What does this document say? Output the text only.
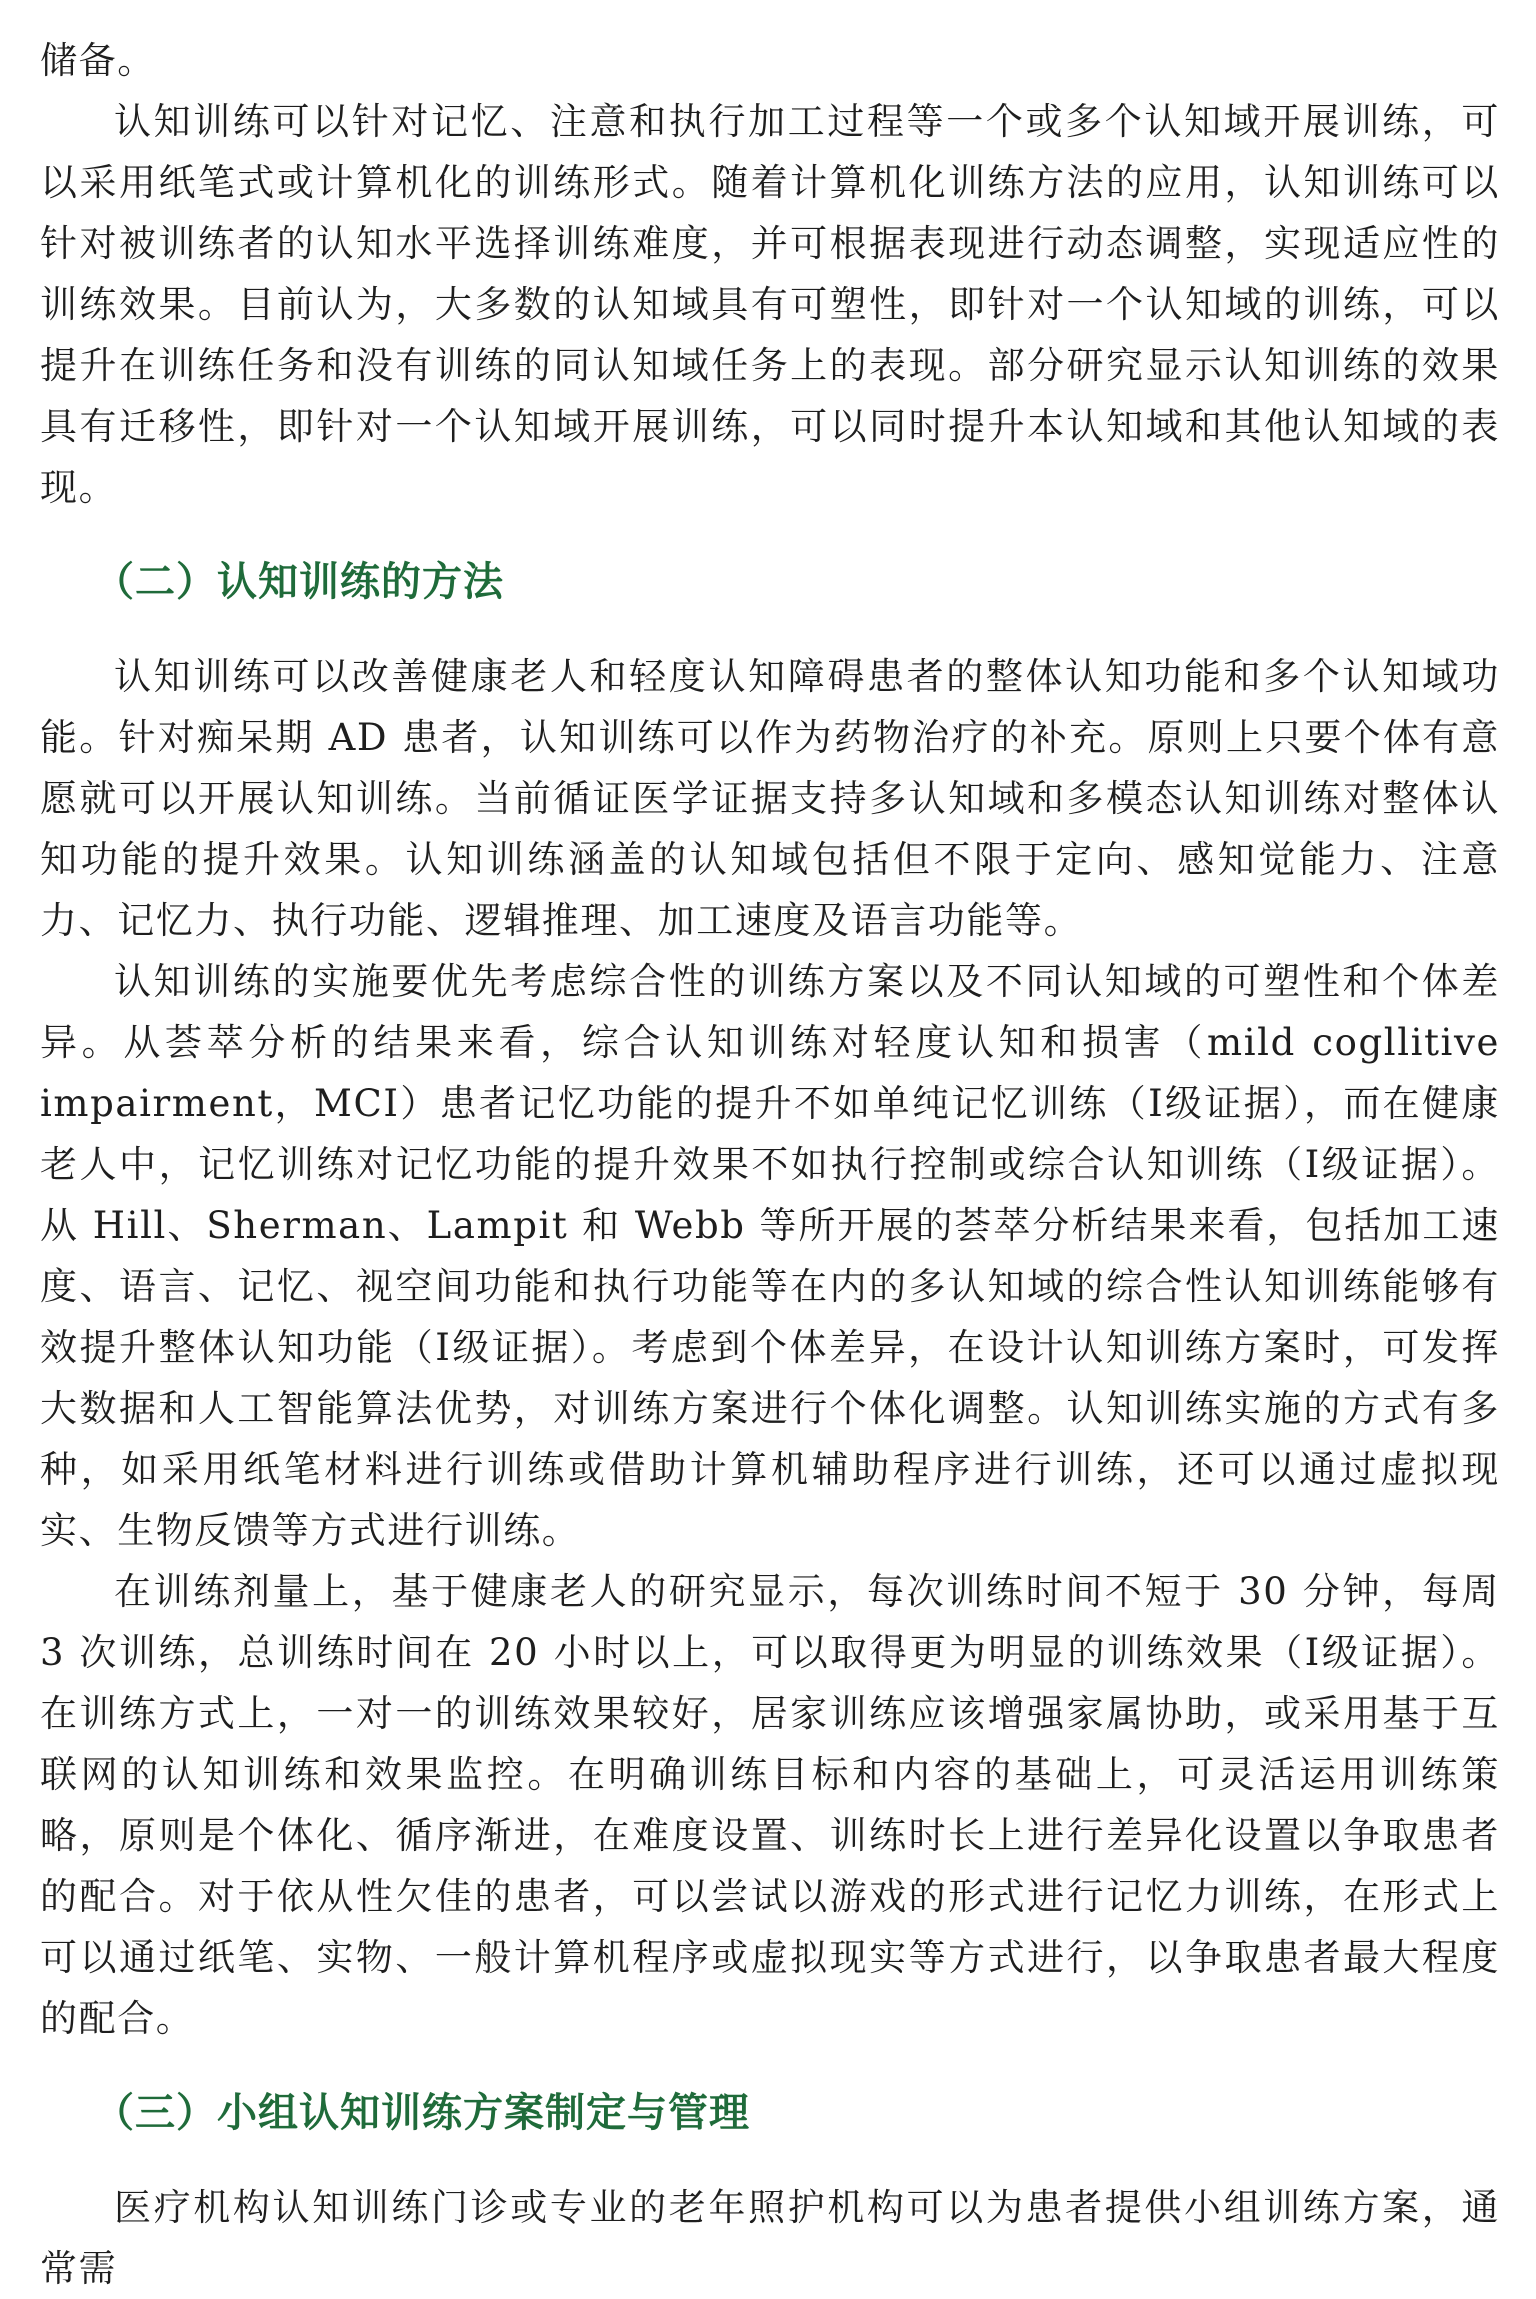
储备。

认知训练可以针对记忆、注意和执行加工过程等一个或多个认知域开展训练，可以采用纸笔式或计算机化的训练形式。随着计算机化训练方法的应用，认知训练可以针对被训练者的认知水平选择训练难度，并可根据表现进行动态调整，实现适应性的训练效果。目前认为，大多数的认知域具有可塑性，即针对一个认知域的训练，可以提升在训练任务和没有训练的同认知域任务上的表现。部分研究显示认知训练的效果具有迁移性，即针对一个认知域开展训练，可以同时提升本认知域和其他认知域的表现。

（二）认知训练的方法

认知训练可以改善健康老人和轻度认知障碍患者的整体认知功能和多个认知域功能。针对痴呆期 AD 患者，认知训练可以作为药物治疗的补充。原则上只要个体有意愿就可以开展认知训练。当前循证医学证据支持多认知域和多模态认知训练对整体认知功能的提升效果。认知训练涵盖的认知域包括但不限于定向、感知觉能力、注意力、记忆力、执行功能、逻辑推理、加工速度及语言功能等。

认知训练的实施要优先考虑综合性的训练方案以及不同认知域的可塑性和个体差异。从荟萃分析的结果来看，综合认知训练对轻度认知和损害（mild cogllitive impairment，MCI）患者记忆功能的提升不如单纯记忆训练（Ⅰ级证据），而在健康老人中，记忆训练对记忆功能的提升效果不如执行控制或综合认知训练（Ⅰ级证据）。从 Hill、Sherman、Lampit 和 Webb 等所开展的荟萃分析结果来看，包括加工速度、语言、记忆、视空间功能和执行功能等在内的多认知域的综合性认知训练能够有效提升整体认知功能（Ⅰ级证据）。考虑到个体差异，在设计认知训练方案时，可发挥大数据和人工智能算法优势，对训练方案进行个体化调整。认知训练实施的方式有多种，如采用纸笔材料进行训练或借助计算机辅助程序进行训练，还可以通过虚拟现实、生物反馈等方式进行训练。

在训练剂量上，基于健康老人的研究显示，每次训练时间不短于 30 分钟，每周 3 次训练，总训练时间在 20 小时以上，可以取得更为明显的训练效果（Ⅰ级证据）。在训练方式上，一对一的训练效果较好，居家训练应该增强家属协助，或采用基于互联网的认知训练和效果监控。在明确训练目标和内容的基础上，可灵活运用训练策略，原则是个体化、循序渐进，在难度设置、训练时长上进行差异化设置以争取患者的配合。对于依从性欠佳的患者，可以尝试以游戏的形式进行记忆力训练，在形式上可以通过纸笔、实物、一般计算机程序或虚拟现实等方式进行，以争取患者最大程度的配合。

（三）小组认知训练方案制定与管理

医疗机构认知训练门诊或专业的老年照护机构可以为患者提供小组训练方案，通常需
